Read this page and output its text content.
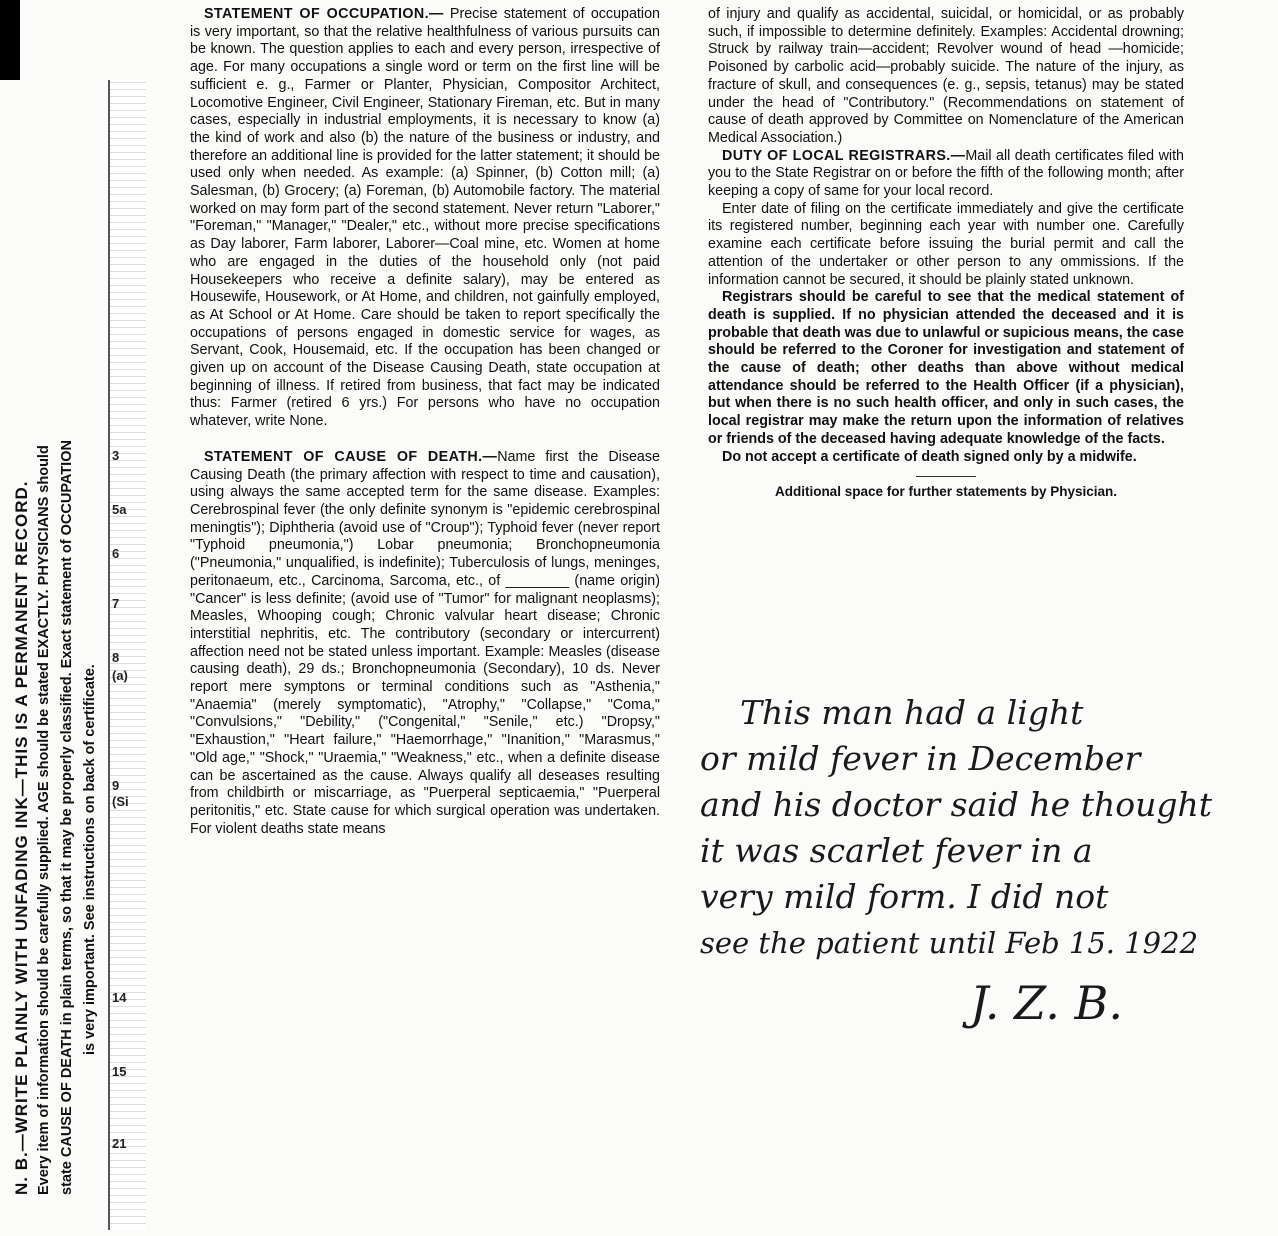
N. B.—WRITE PLAINLY WITH UNFADING INK—THIS IS A PERMANENT RECORD. Every item of information should be carefully supplied. AGE should be stated EXACTLY. PHYSICIANS should state CAUSE OF DEATH in plain terms, so that it may be properly classified. Exact statement of OCCUPATION is very important. See instructions on back of certificate.
3
5a
6
7
8
(a)
9
(Si
14
15
21

STATEMENT OF OCCUPATION.— Precise statement of occupation is very important, so that the relative healthfulness of various pursuits can be known. The question applies to each and every person, irrespective of age. For many occupations a single word or term on the first line will be sufficient e. g., Farmer or Planter, Physician, Compositor Architect, Locomotive Engineer, Civil Engineer, Stationary Fireman, etc. But in many cases, especially in industrial employments, it is necessary to know (a) the kind of work and also (b) the nature of the business or industry, and therefore an additional line is provided for the latter statement; it should be used only when needed. As example: (a) Spinner, (b) Cotton mill; (a) Salesman, (b) Grocery; (a) Foreman, (b) Automobile factory. The material worked on may form part of the second statement. Never return "Laborer," "Foreman," "Manager," "Dealer," etc., without more precise specifications as Day laborer, Farm laborer, Laborer—Coal mine, etc. Women at home who are engaged in the duties of the household only (not paid Housekeepers who receive a definite salary), may be entered as Housewife, Housework, or At Home, and children, not gainfully employed, as At School or At Home. Care should be taken to report specifically the occupations of persons engaged in domestic service for wages, as Servant, Cook, Housemaid, etc. If the occupation has been changed or given up on account of the Disease Causing Death, state occupation at beginning of illness. If retired from business, that fact may be indicated thus: Farmer (retired 6 yrs.) For persons who have no occupation whatever, write None.

STATEMENT OF CAUSE OF DEATH.—Name first the Disease Causing Death (the primary affection with respect to time and causation), using always the same accepted term for the same disease. Examples: Cerebrospinal fever (the only definite synonym is "epidemic cerebrospinal meningtis"); Diphtheria (avoid use of "Croup"); Typhoid fever (never report "Typhoid pneumonia,") Lobar pneumonia; Bronchopneumonia ("Pneumonia," unqualified, is indefinite); Tuberculosis of lungs, meninges, peritonaeum, etc., Carcinoma, Sarcoma, etc., of ________ (name origin) "Cancer" is less definite; (avoid use of "Tumor" for malignant neoplasms); Measles, Whooping cough; Chronic valvular heart disease; Chronic interstitial nephritis, etc. The contributory (secondary or intercurrent) affection need not be stated unless important. Example: Measles (disease causing death), 29 ds.; Bronchopneumonia (Secondary), 10 ds. Never report mere symptons or terminal conditions such as "Asthenia," "Anaemia" (merely symptomatic), "Atrophy," "Collapse," "Coma," "Convulsions," "Debility," ("Congenital," "Senile," etc.) "Dropsy," "Exhaustion," "Heart failure," "Haemorrhage," "Inanition," "Marasmus," "Old age," "Shock," "Uraemia," "Weakness," etc., when a definite disease can be ascertained as the cause. Always qualify all deseases resulting from childbirth or miscarriage, as "Puerperal septicaemia," "Puerperal peritonitis," etc. State cause for which surgical operation was undertaken. For violent deaths state means

of injury and qualify as accidental, suicidal, or homicidal, or as probably such, if impossible to determine definitely. Examples: Accidental drowning; Struck by railway train—accident; Revolver wound of head —homicide; Poisoned by carbolic acid—probably suicide. The nature of the injury, as fracture of skull, and consequences (e. g., sepsis, tetanus) may be stated under the head of "Contributory." (Recommendations on statement of cause of death approved by Committee on Nomenclature of the American Medical Association.)

DUTY OF LOCAL REGISTRARS.—Mail all death certificates filed with you to the State Registrar on or before the fifth of the following month; after keeping a copy of same for your local record.

Enter date of filing on the certificate immediately and give the certificate its registered number, beginning each year with number one. Carefully examine each certificate before issuing the burial permit and call the attention of the undertaker or other person to any ommissions. If the information cannot be secured, it should be plainly stated unknown.

Registrars should be careful to see that the medical statement of death is supplied. If no physician attended the deceased and it is probable that death was due to unlawful or supicious means, the case should be referred to the Coroner for investigation and statement of the cause of death; other deaths than above without medical attendance should be referred to the Health Officer (if a physician), but when there is no such health officer, and only in such cases, the local registrar may make the return upon the information of relatives or friends of the deceased having adequate knowledge of the facts.

Do not accept a certificate of death signed only by a midwife.

Additional space for further statements by Physician.

This man had a light
or mild fever in December
and his doctor said he thought
it was scarlet fever in a
very mild form. I did not
see the patient until Feb 15. 1922
J. Z. B.
